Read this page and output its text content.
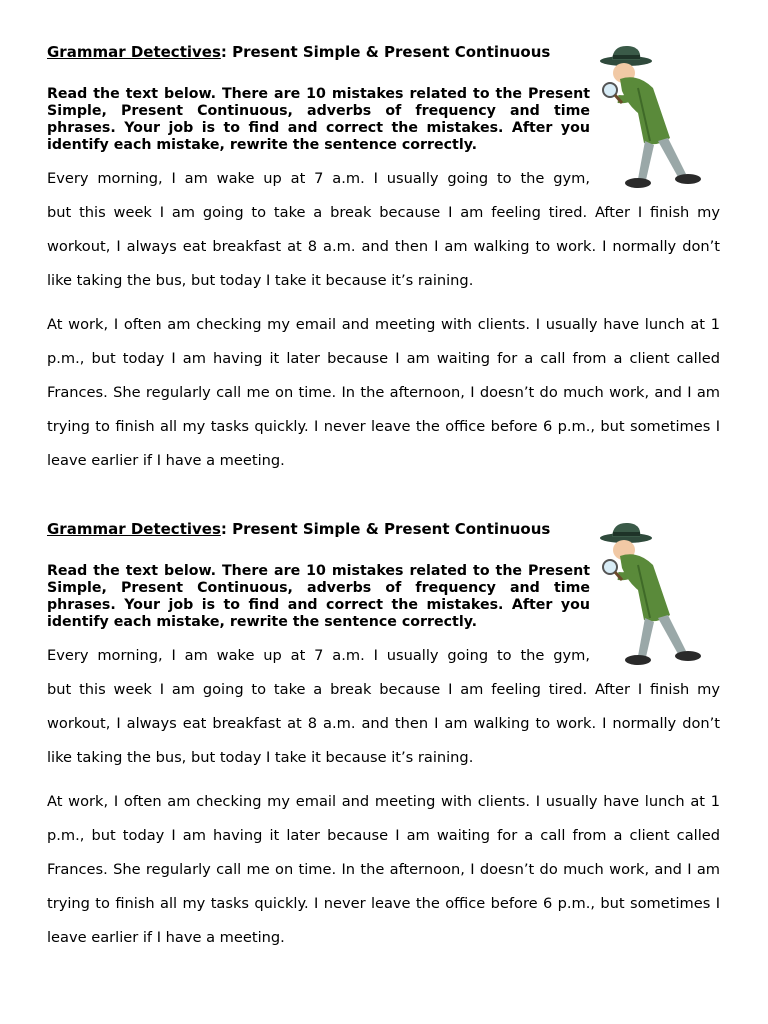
Grammar Detectives: Present Simple & Present Continuous

Read the text below. There are 10 mistakes related to the Present Simple, Present Continuous, adverbs of frequency and time phrases. Your job is to find and correct the mistakes. After you identify each mistake, rewrite the sentence correctly.

Every morning, I am wake up at 7 a.m. I usually going to the gym,
but this week I am going to take a break because I am feeling tired. After I finish my workout, I always eat breakfast at 8 a.m. and then I am walking to work. I normally don’t like taking the bus, but today I take it because it’s raining.

At work, I often am checking my email and meeting with clients. I usually have lunch at 1 p.m., but today I am having it later because I am waiting for a call from a client called Frances. She regularly call me on time. In the afternoon, I doesn’t do much work, and I am trying to finish all my tasks quickly. I never leave the office before 6 p.m., but sometimes I leave earlier if I have a meeting.

Grammar Detectives: Present Simple & Present Continuous

Read the text below. There are 10 mistakes related to the Present Simple, Present Continuous, adverbs of frequency and time phrases. Your job is to find and correct the mistakes. After you identify each mistake, rewrite the sentence correctly.

Every morning, I am wake up at 7 a.m. I usually going to the gym,
but this week I am going to take a break because I am feeling tired. After I finish my workout, I always eat breakfast at 8 a.m. and then I am walking to work. I normally don’t like taking the bus, but today I take it because it’s raining.

At work, I often am checking my email and meeting with clients. I usually have lunch at 1 p.m., but today I am having it later because I am waiting for a call from a client called Frances. She regularly call me on time. In the afternoon, I doesn’t do much work, and I am trying to finish all my tasks quickly. I never leave the office before 6 p.m., but sometimes I leave earlier if I have a meeting.
